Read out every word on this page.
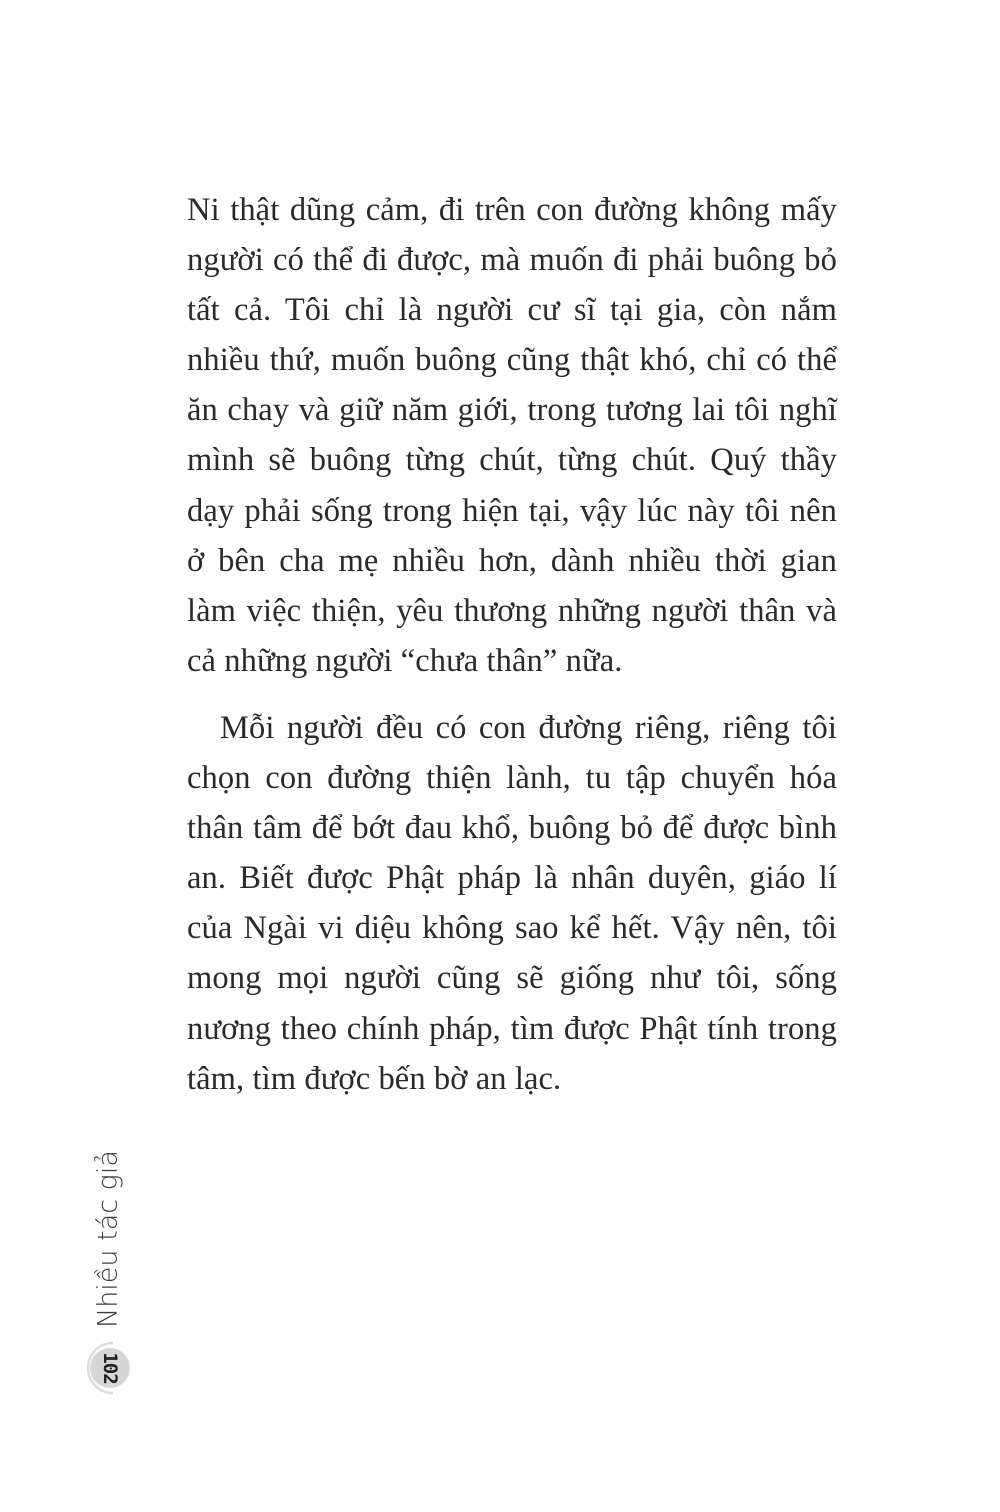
Ni thật dũng cảm, đi trên con đường không mấy người có thể đi được, mà muốn đi phải buông bỏ tất cả. Tôi chỉ là người cư sĩ tại gia, còn nắm nhiều thứ, muốn buông cũng thật khó, chỉ có thể ăn chay và giữ năm giới, trong tương lai tôi nghĩ mình sẽ buông từng chút, từng chút. Quý thầy dạy phải sống trong hiện tại, vậy lúc này tôi nên ở bên cha mẹ nhiều hơn, dành nhiều thời gian làm việc thiện, yêu thương những người thân và cả những người “chưa thân” nữa.

Mỗi người đều có con đường riêng, riêng tôi chọn con đường thiện lành, tu tập chuyển hóa thân tâm để bớt đau khổ, buông bỏ để được bình an. Biết được Phật pháp là nhân duyên, giáo lí của Ngài vi diệu không sao kể hết. Vậy nên, tôi mong mọi người cũng sẽ giống như tôi, sống nương theo chính pháp, tìm được Phật tính trong tâm, tìm được bến bờ an lạc.

Nhiều tác giả
102
